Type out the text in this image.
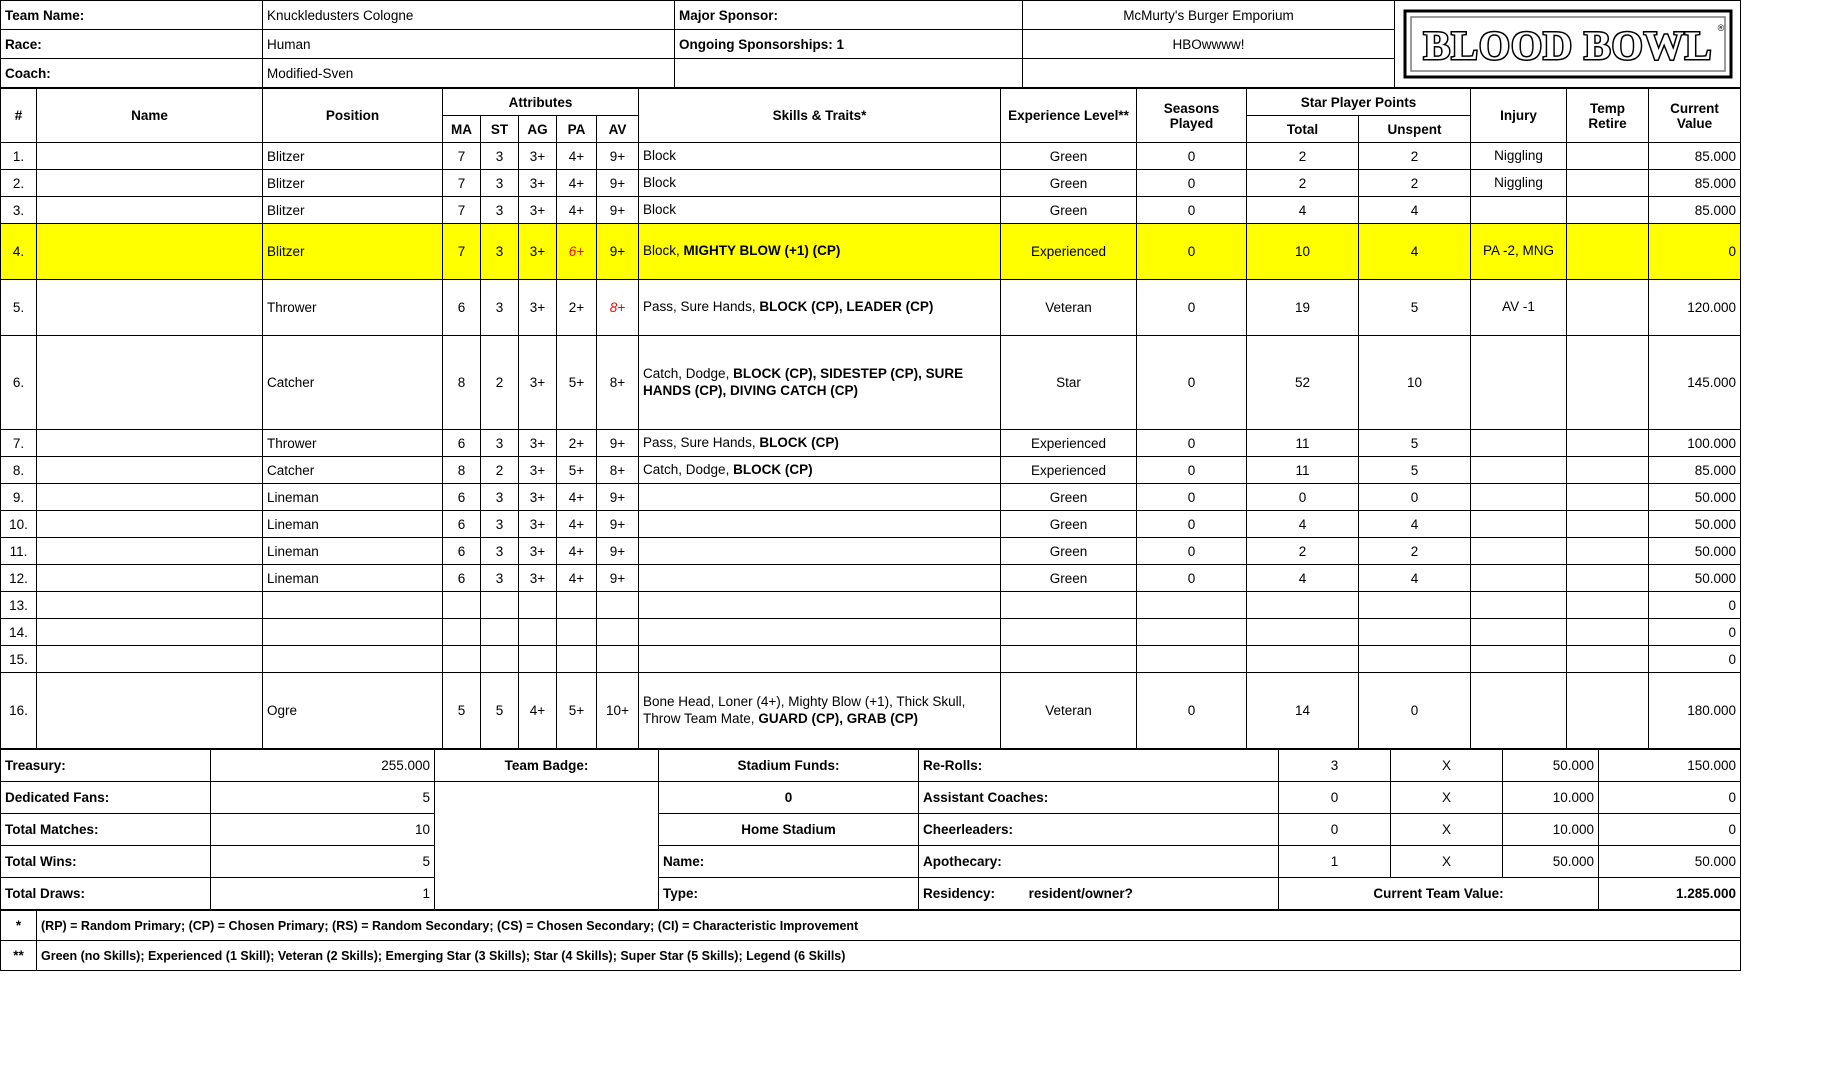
Team Name:	Knuckledusters Cologne	Major Sponsor:	McMurty's Burger Emporium	BLOOD BOWL ®

Race:	Human	Ongoing Sponsorships: 1	HBOwwww!	
Coach:	Modified-Sven			
#	Name	Position	Attributes					Skills & Traits*	Experience Level**	Seasons Played	Star Player Points		Injury	Temp Retire	Current Value
			MA	ST	AG	PA	AV				Total	Unspent			
1.		Blitzer	7	3	3+	4+	9+	Block	Green	0	2	2	Niggling		85.000
2.		Blitzer	7	3	3+	4+	9+	Block	Green	0	2	2	Niggling		85.000
3.		Blitzer	7	3	3+	4+	9+	Block	Green	0	4	4			85.000
4.		Blitzer	7	3	3+	6+	9+	Block, MIGHTY BLOW (+1) (CP)	Experienced	0	10	4	PA -2, MNG		0
5.		Thrower	6	3	3+	2+	8+	Pass, Sure Hands, BLOCK (CP), LEADER (CP)	Veteran	0	19	5	AV -1		120.000
6.		Catcher	8	2	3+	5+	8+	Catch, Dodge, BLOCK (CP), SIDESTEP (CP), SURE HANDS (CP), DIVING CATCH (CP)	Star	0	52	10			145.000
7.		Thrower	6	3	3+	2+	9+	Pass, Sure Hands, BLOCK (CP)	Experienced	0	11	5			100.000
8.		Catcher	8	2	3+	5+	8+	Catch, Dodge, BLOCK (CP)	Experienced	0	11	5			85.000
9.		Lineman	6	3	3+	4+	9+		Green	0	0	0			50.000
10.		Lineman	6	3	3+	4+	9+		Green	0	4	4			50.000
11.		Lineman	6	3	3+	4+	9+		Green	0	2	2			50.000
12.		Lineman	6	3	3+	4+	9+		Green	0	4	4			50.000
13.															0
14.															0
15.															0
16.		Ogre	5	5	4+	5+	10+	Bone Head, Loner (4+), Mighty Blow (+1), Thick Skull, Throw Team Mate, GUARD (CP), GRAB (CP)	Veteran	0	14	0			180.000
Treasury:	255.000	Team Badge:	Stadium Funds:	Re-Rolls:	3	X	50.000	150.000
Dedicated Fans:	5		0	Assistant Coaches:	0	X	10.000	0
Total Matches:	10		Home Stadium	Cheerleaders:	0	X	10.000	0
Total Wins:	5		Name:	Apothecary:	1	X	50.000	50.000
Total Draws:	1		Type:	Residency: resident/owner?	Current Team Value:			1.285.000
*	(RP) = Random Primary; (CP) = Chosen Primary; (RS) = Random Secondary; (CS) = Chosen Secondary; (CI) = Characteristic Improvement
**	Green (no Skills); Experienced (1 Skill); Veteran (2 Skills); Emerging Star (3 Skills); Star (4 Skills); Super Star (5 Skills); Legend (6 Skills)
